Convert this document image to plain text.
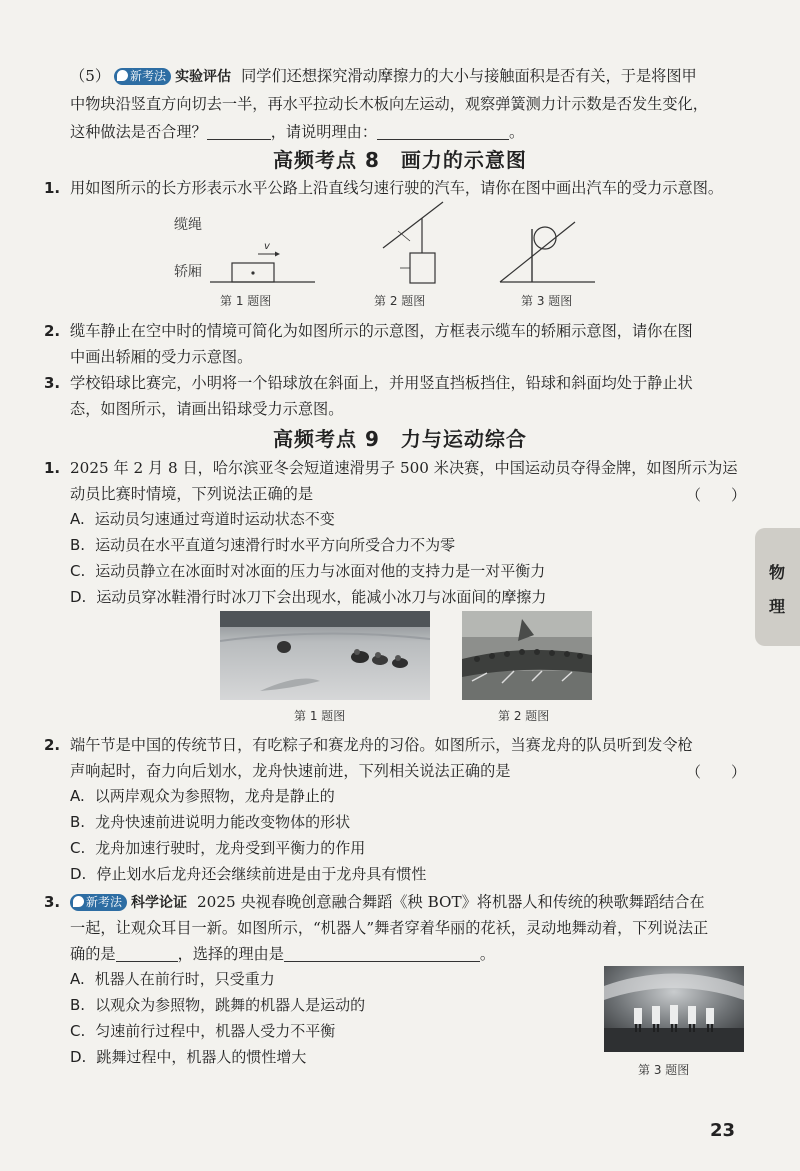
（5） 新考法 实验评估 同学们还想探究滑动摩擦力的大小与接触面积是否有关，于是将图甲
中物块沿竖直方向切去一半，再水平拉动长木板向左运动，观察弹簧测力计示数是否发生变化，
这种做法是否合理？	，请说明理由：	。
高频考点 8　画力的示意图
1. 用如图所示的长方形表示水平公路上沿直线匀速行驶的汽车，请你在图中画出汽车的受力示意图。
v
缆绳
轿厢
第 1 题图	第 2 题图	第 3 题图
2. 缆车静止在空中时的情境可简化为如图所示的示意图，方框表示缆车的轿厢示意图，请你在图
中画出轿厢的受力示意图。
3. 学校铅球比赛完，小明将一个铅球放在斜面上，并用竖直挡板挡住，铅球和斜面均处于静止状
态，如图所示，请画出铅球受力示意图。
高频考点 9　力与运动综合
1. 2025 年 2 月 8 日，哈尔滨亚冬会短道速滑男子 500 米决赛，中国运动员夺得金牌，如图所示为运
动员比赛时情境，下列说法正确的是	（　　）
A. 运动员匀速通过弯道时运动状态不变
B. 运动员在水平直道匀速滑行时水平方向所受合力不为零
C. 运动员静立在冰面时对冰面的压力与冰面对他的支持力是一对平衡力
D. 运动员穿冰鞋滑行时冰刀下会出现水，能减小冰刀与冰面间的摩擦力
第 1 题图	第 2 题图
2. 端午节是中国的传统节日，有吃粽子和赛龙舟的习俗。如图所示，当赛龙舟的队员听到发令枪
声响起时，奋力向后划水，龙舟快速前进，下列相关说法正确的是	（　　）
A. 以两岸观众为参照物，龙舟是静止的
B. 龙舟快速前进说明力能改变物体的形状
C. 龙舟加速行驶时，龙舟受到平衡力的作用
D. 停止划水后龙舟还会继续前进是由于龙舟具有惯性
3.	新考法 科学论证 2025 央视春晚创意融合舞蹈《秧 BOT》将机器人和传统的秧歌舞蹈结合在
一起，让观众耳目一新。如图所示，“机器人”舞者穿着华丽的花袄，灵动地舞动着，下列说法正
确的是	，选择的理由是	。
A. 机器人在前行时，只受重力
B. 以观众为参照物，跳舞的机器人是运动的
C. 匀速前行过程中，机器人受力不平衡
D. 跳舞过程中，机器人的惯性增大
第 3 题图
物
理
23
